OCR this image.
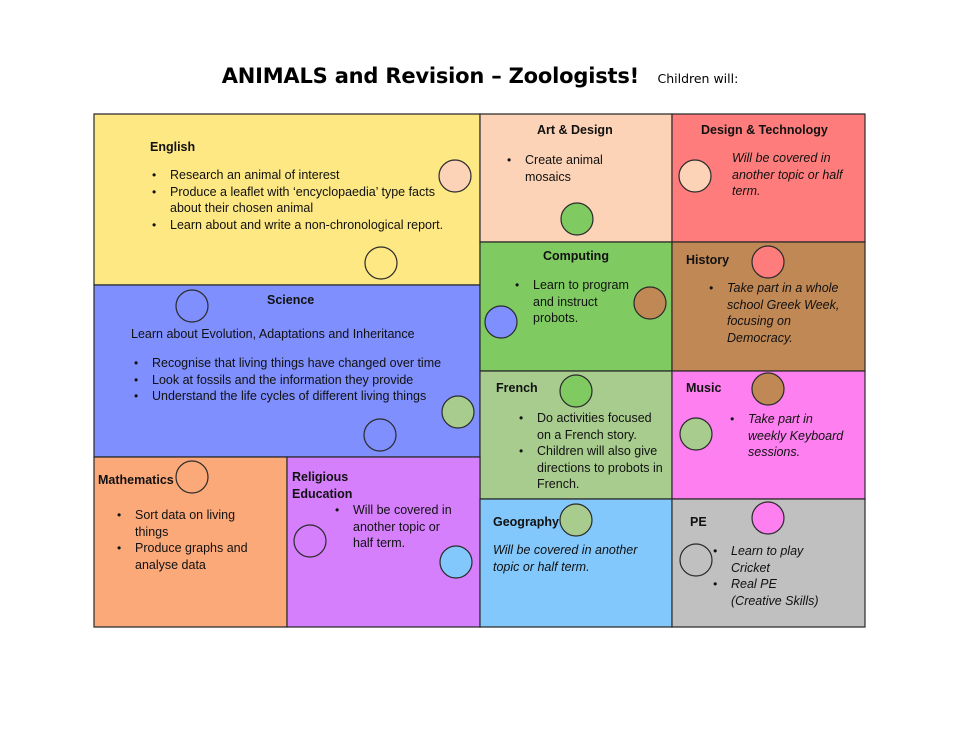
ANIMALS and Revision – Zoologists! Children will:
English
• Research an animal of interest
• Produce a leaflet with ‘encyclopaedia’ type facts about their chosen animal
• Learn about and write a non-chronological report.
Art & Design
• Create animal mosaics
Design & Technology
Will be covered in another topic or half term.
Science
Learn about Evolution, Adaptations and Inheritance
• Recognise that living things have changed over time
• Look at fossils and the information they provide
• Understand the life cycles of different living things
Computing
• Learn to program and instruct probots.
History
• Take part in a whole school Greek Week, focusing on Democracy.
French
• Do activities focused on a French story.
• Children will also give directions to probots in French.
Music
• Take part in weekly Keyboard sessions.
Mathematics
• Sort data on living things
• Produce graphs and analyse data
Religious Education
• Will be covered in another topic or half term.
Geography
Will be covered in another topic or half term.
PE
• Learn to play Cricket
• Real PE (Creative Skills)
